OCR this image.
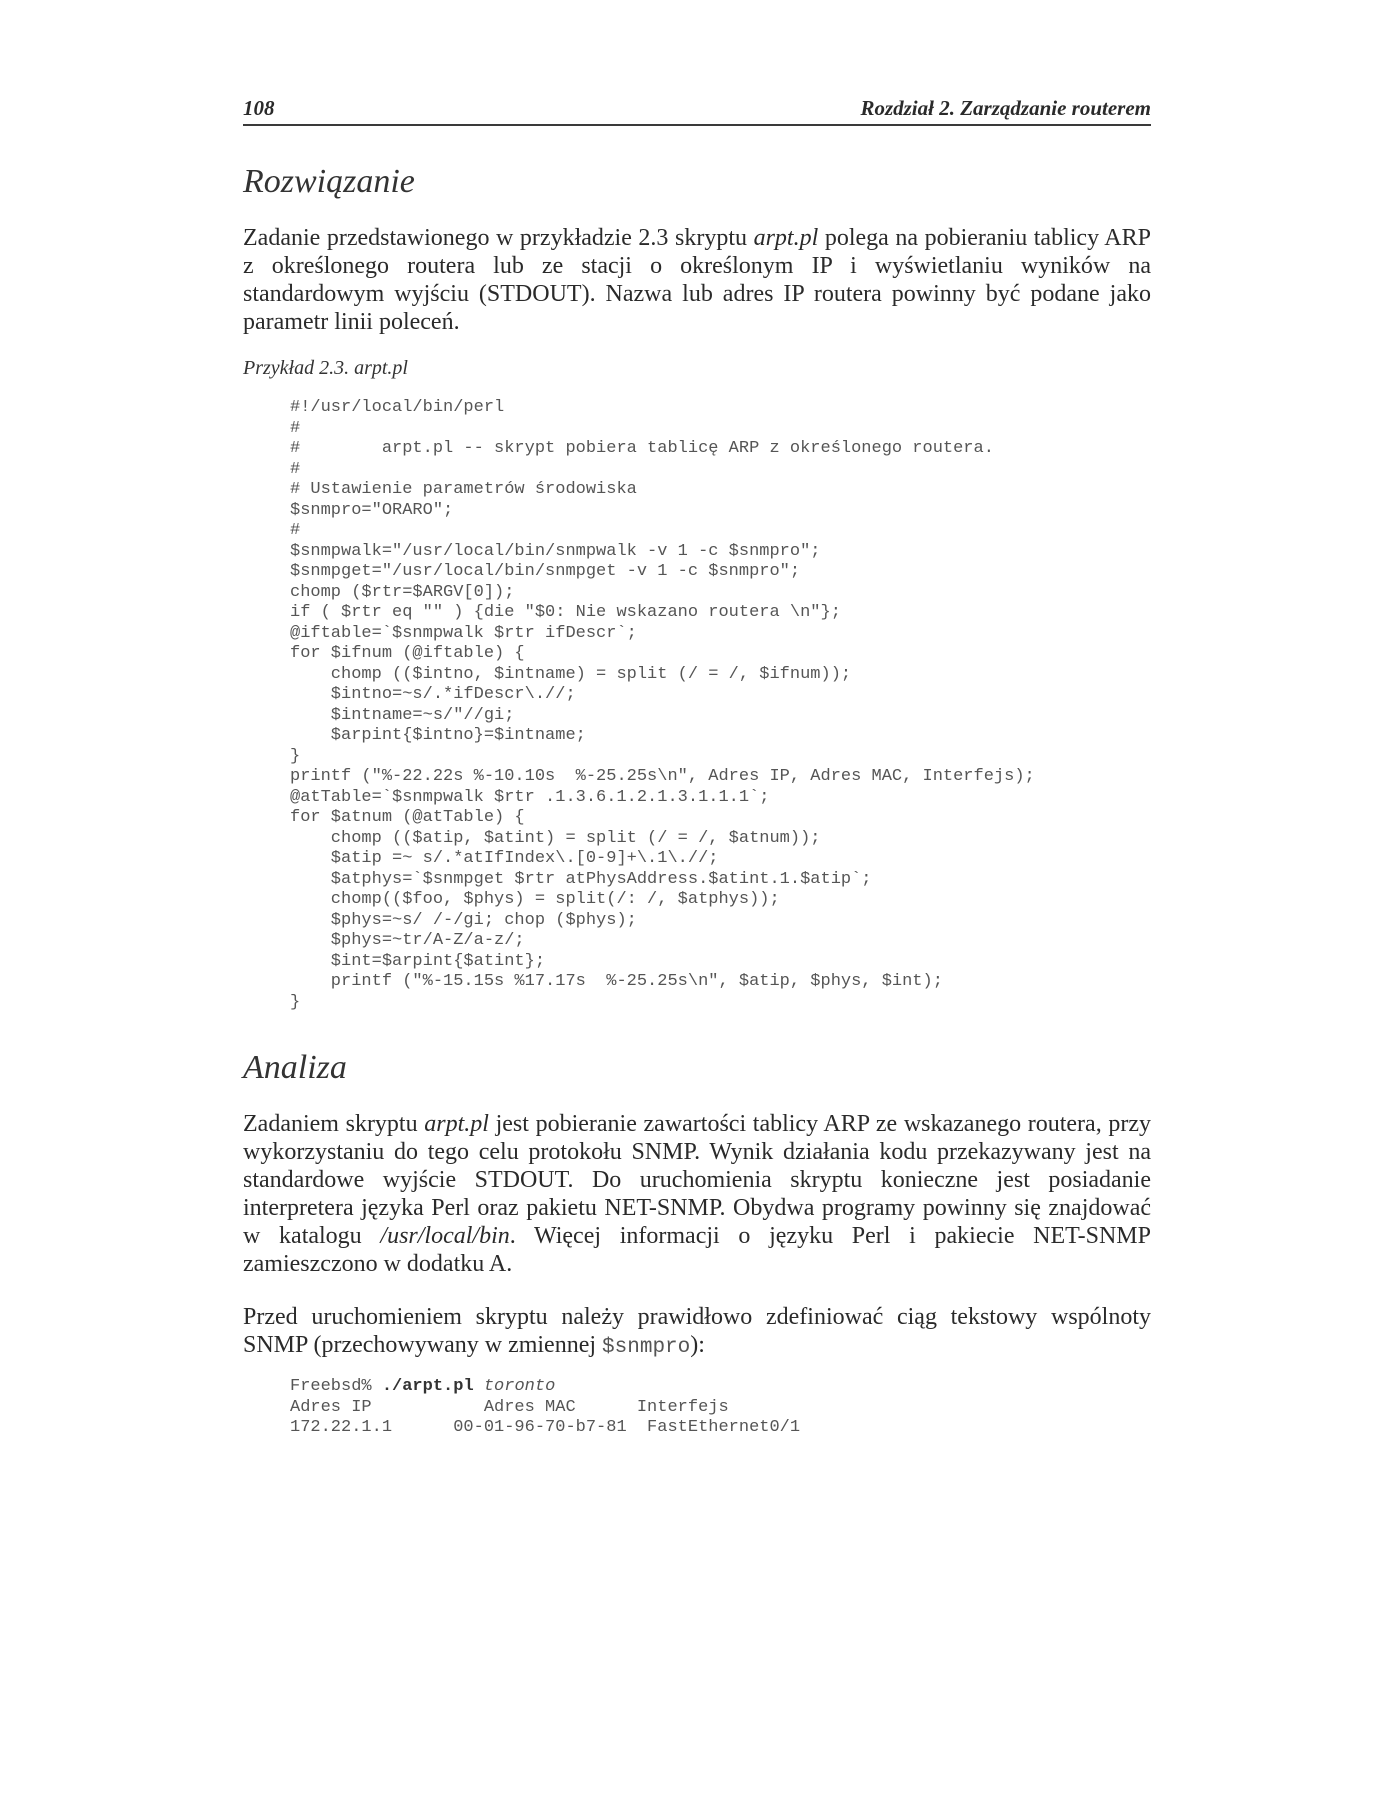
108	Rozdział 2. Zarządzanie routerem
Rozwiązanie

Zadanie przedstawionego w przykładzie 2.3 skryptu arpt.pl polega na pobieraniu tablicy ARP z określonego routera lub ze stacji o określonym IP i wyświetlaniu wyników na standardowym wyjściu (STDOUT). Nazwa lub adres IP routera powinny być podane jako parametr linii poleceń.

Przykład 2.3. arpt.pl
#!/usr/local/bin/perl
#
#        arpt.pl -- skrypt pobiera tablicę ARP z określonego routera.
#
# Ustawienie parametrów środowiska
$snmpro="ORARO";
#
$snmpwalk="/usr/local/bin/snmpwalk -v 1 -c $snmpro";
$snmpget="/usr/local/bin/snmpget -v 1 -c $snmpro";
chomp ($rtr=$ARGV[0]);
if ( $rtr eq "" ) {die "$0: Nie wskazano routera \n"};
@iftable=`$snmpwalk $rtr ifDescr`;
for $ifnum (@iftable) {
chomp (($intno, $intname) = split (/ = /, $ifnum));
$intno=~s/.*ifDescr\.//;
$intname=~s/"//gi;
$arpint{$intno}=$intname;
}
printf ("%-22.22s %-10.10s  %-25.25s\n", Adres IP, Adres MAC, Interfejs);
@atTable=`$snmpwalk $rtr .1.3.6.1.2.1.3.1.1.1`;
for $atnum (@atTable) {
chomp (($atip, $atint) = split (/ = /, $atnum));
$atip =~ s/.*atIfIndex\.[0-9]+\.1\.//;
$atphys=`$snmpget $rtr atPhysAddress.$atint.1.$atip`;
chomp(($foo, $phys) = split(/: /, $atphys));
$phys=~s/ /-/gi; chop ($phys);
$phys=~tr/A-Z/a-z/;
$int=$arpint{$atint};
printf ("%-15.15s %17.17s  %-25.25s\n", $atip, $phys, $int);
}
Analiza

Zadaniem skryptu arpt.pl jest pobieranie zawartości tablicy ARP ze wskazanego routera, przy wykorzystaniu do tego celu protokołu SNMP. Wynik działania kodu przekazywany jest na standardowe wyjście STDOUT. Do uruchomienia skryptu konieczne jest posiadanie interpretera języka Perl oraz pakietu NET-SNMP. Obydwa programy powinny się znajdować w katalogu /usr/local/bin. Więcej informacji o języku Perl i pakiecie NET-SNMP zamieszczono w dodatku A.

Przed uruchomieniem skryptu należy prawidłowo zdefiniować ciąg tekstowy wspólnoty SNMP (przechowywany w zmiennej $snmpro):

Freebsd% ./arpt.pl toronto
Adres IP           Adres MAC      Interfejs
172.22.1.1      00-01-96-70-b7-81  FastEthernet0/1
